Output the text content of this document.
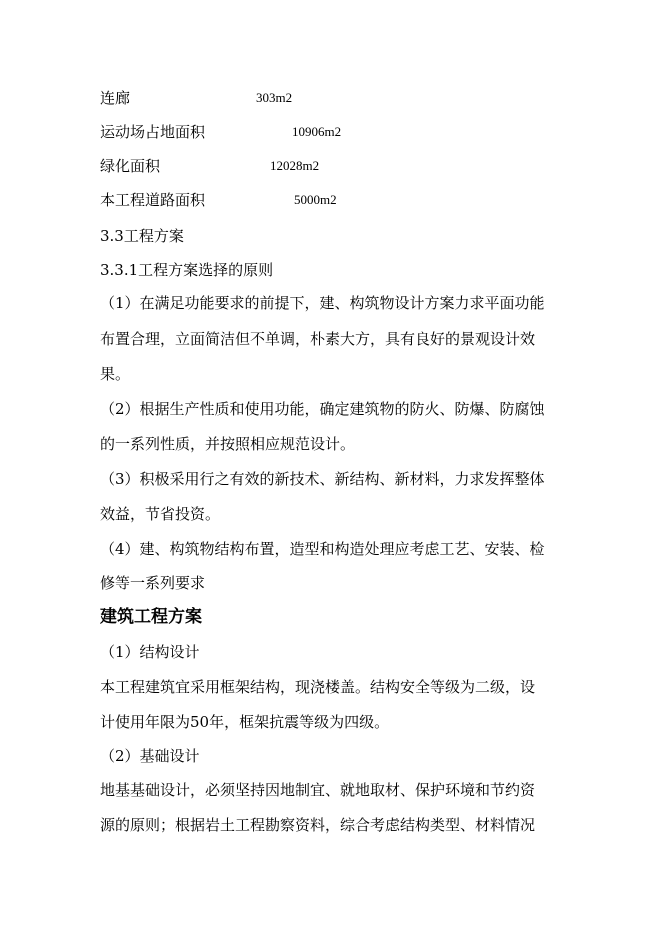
连廊	303m2
运动场占地面积	10906m2
绿化面积	12028m2
本工程道路面积	5000m2
3.3工程方案
3.3.1工程方案选择的原则
（1）在满足功能要求的前提下，建、构筑物设计方案力求平面功能
布置合理，立面简洁但不单调，朴素大方，具有良好的景观设计效
果。
（2）根据生产性质和使用功能，确定建筑物的防火、防爆、防腐蚀
的一系列性质，并按照相应规范设计。
（3）积极采用行之有效的新技术、新结构、新材料，力求发挥整体
效益，节省投资。
（4）建、构筑物结构布置，造型和构造处理应考虑工艺、安装、检
修等一系列要求
建筑工程方案
（1）结构设计
本工程建筑宜采用框架结构，现浇楼盖。结构安全等级为二级，设
计使用年限为50年，框架抗震等级为四级。
（2）基础设计
地基基础设计，必须坚持因地制宜、就地取材、保护环境和节约资
源的原则；根据岩土工程勘察资料，综合考虑结构类型、材料情况
